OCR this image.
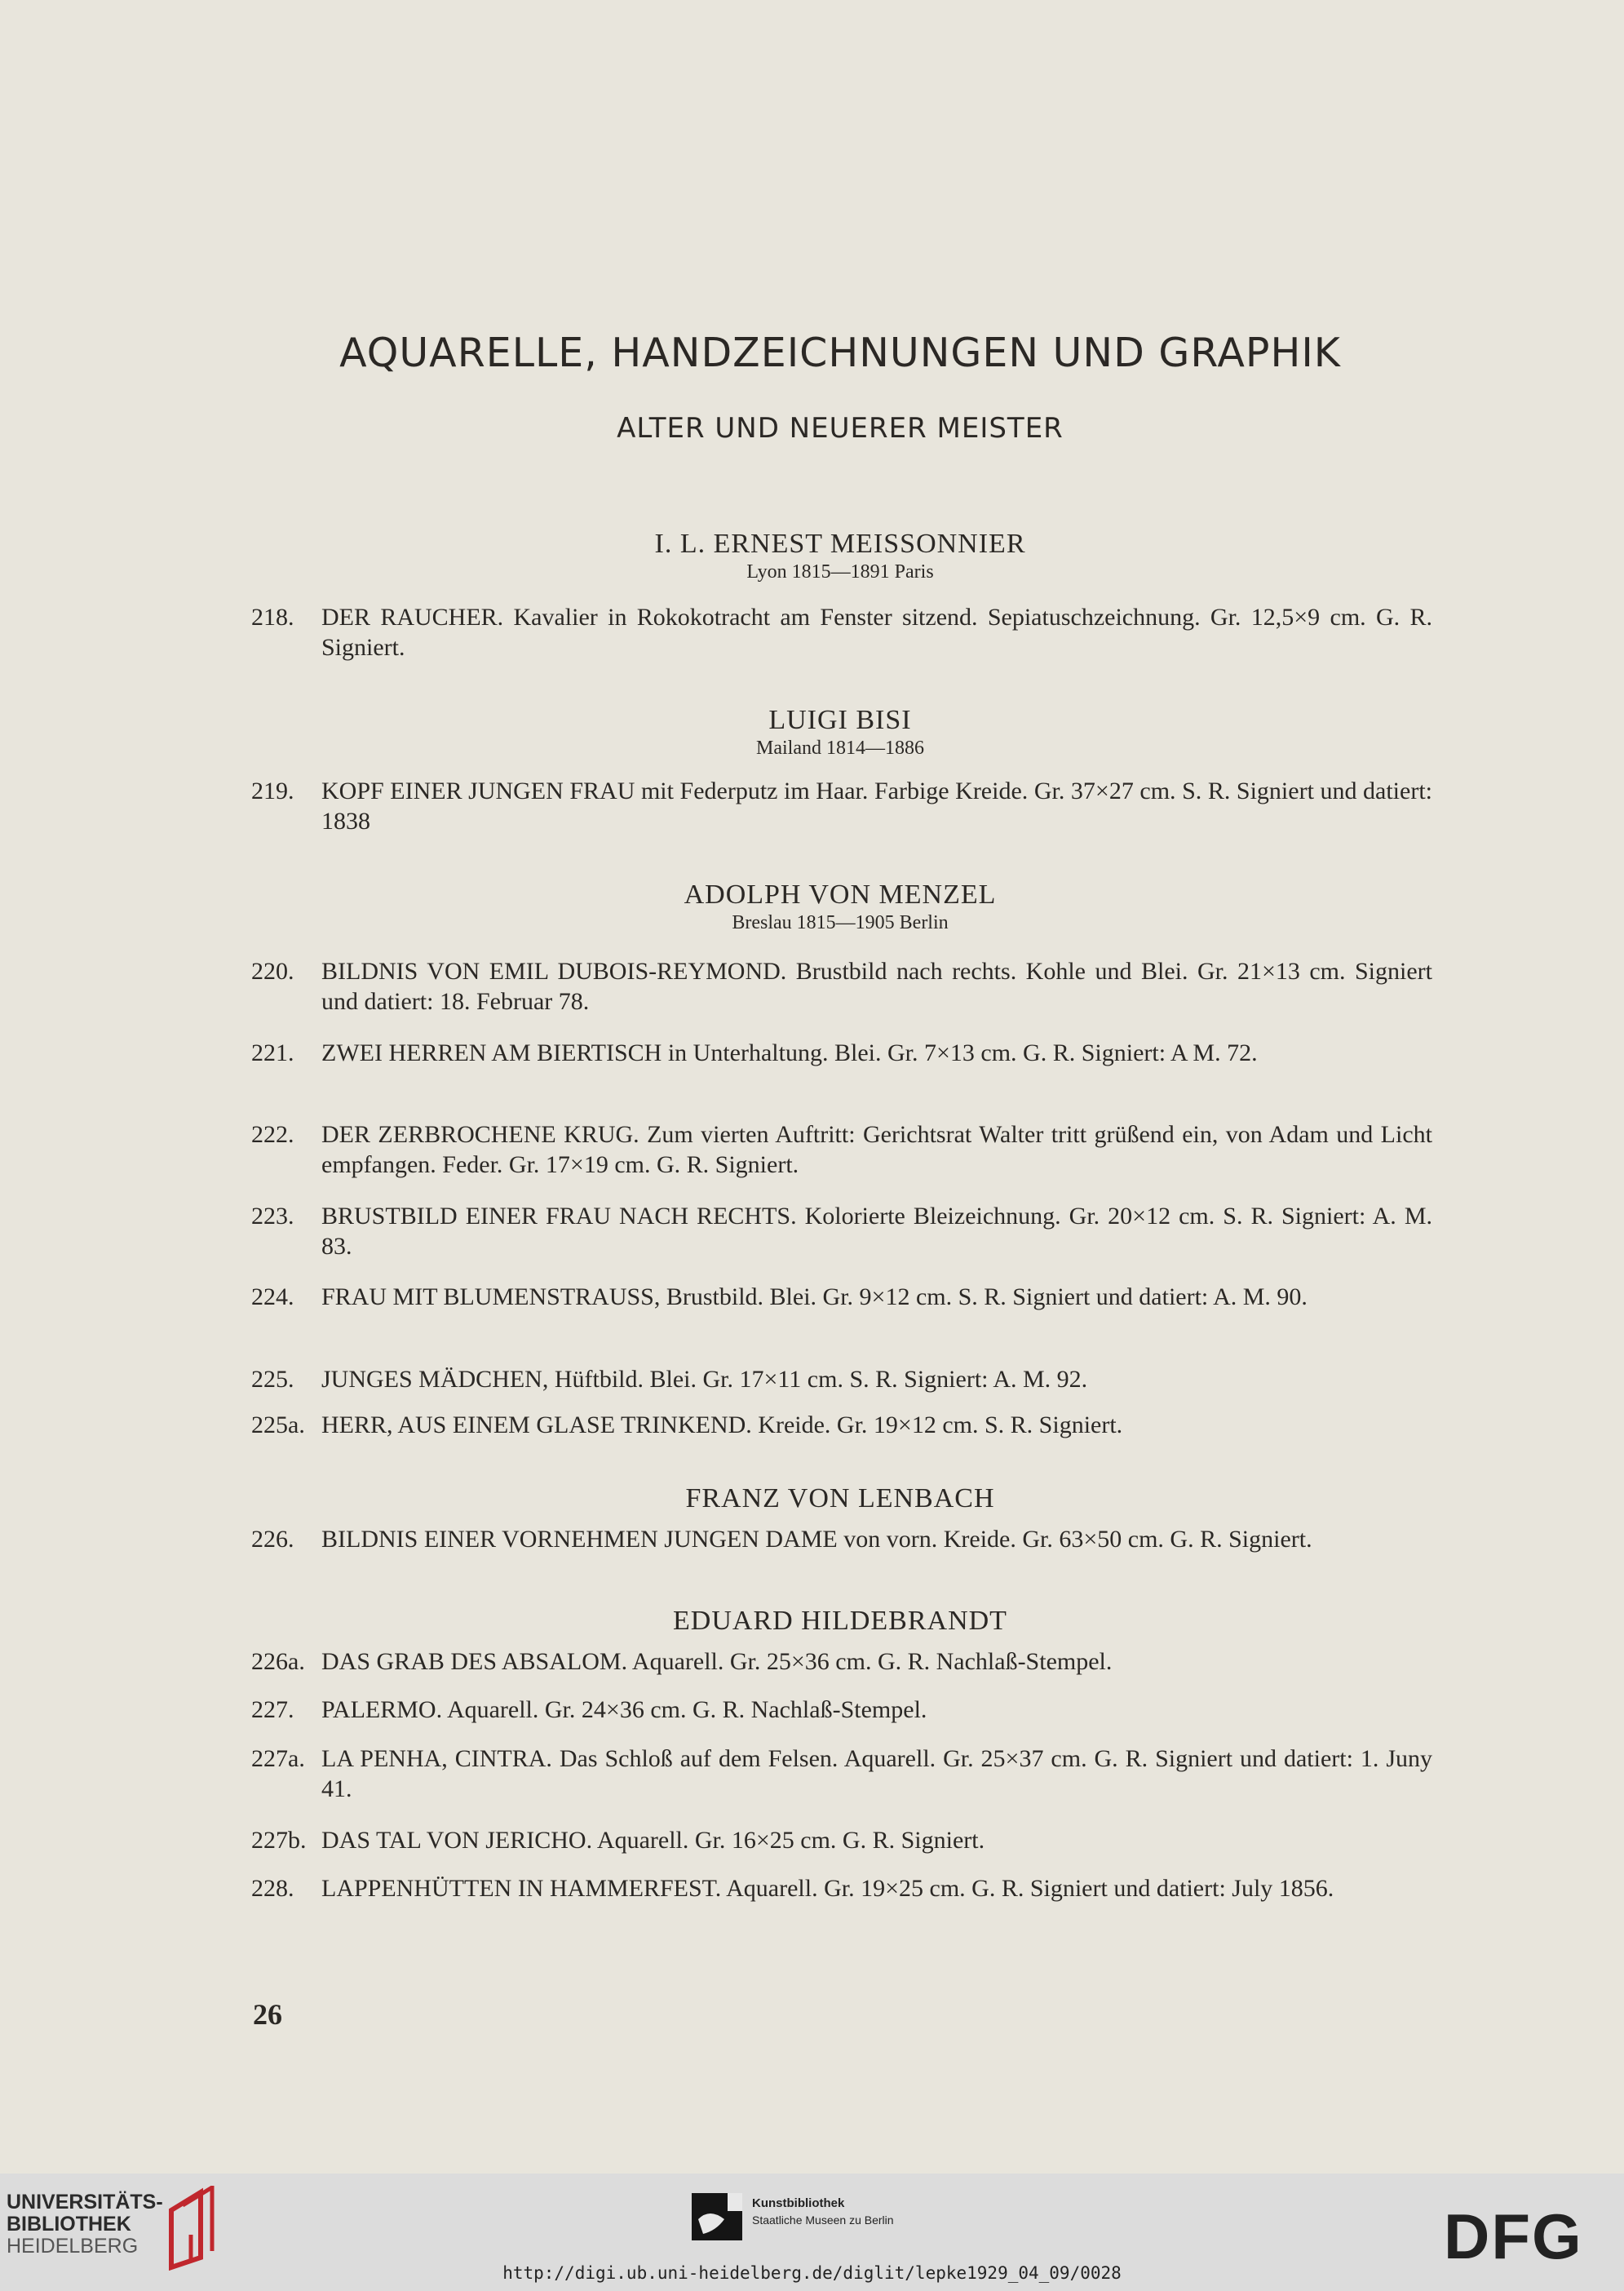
AQUARELLE, HANDZEICHNUNGEN UND GRAPHIK
ALTER UND NEUERER MEISTER
I. L. ERNEST MEISSONNIER
Lyon 1815—1891 Paris
218.	DER RAUCHER. Kavalier in Rokokotracht am Fenster sitzend. Sepiatuschzeichnung. Gr. 12,5×9 cm. G. R. Signiert.
LUIGI BISI
Mailand 1814—1886
219.	KOPF EINER JUNGEN FRAU mit Federputz im Haar. Farbige Kreide. Gr. 37×27 cm. S. R. Signiert und datiert: 1838
ADOLPH VON MENZEL
Breslau 1815—1905 Berlin
220.	BILDNIS VON EMIL DUBOIS-REYMOND. Brustbild nach rechts. Kohle und Blei. Gr. 21×13 cm. Signiert und datiert: 18. Februar 78.
221.	ZWEI HERREN AM BIERTISCH in Unterhaltung. Blei. Gr. 7×13 cm. G. R. Signiert: A M. 72.
222.	DER ZERBROCHENE KRUG. Zum vierten Auftritt: Gerichtsrat Walter tritt grüßend ein, von Adam und Licht empfangen. Feder. Gr. 17×19 cm. G. R. Signiert.
223.	BRUSTBILD EINER FRAU NACH RECHTS. Kolorierte Bleizeichnung. Gr. 20×12 cm. S. R. Signiert: A. M. 83.
224.	FRAU MIT BLUMENSTRAUSS, Brustbild. Blei. Gr. 9×12 cm. S. R. Signiert und datiert: A. M. 90.
225.	JUNGES MÄDCHEN, Hüftbild. Blei. Gr. 17×11 cm. S. R. Signiert: A. M. 92.
225a. HERR, AUS EINEM GLASE TRINKEND. Kreide. Gr. 19×12 cm. S. R. Signiert.
FRANZ VON LENBACH
226.	BILDNIS EINER VORNEHMEN JUNGEN DAME von vorn. Kreide. Gr. 63×50 cm. G. R. Signiert.
EDUARD HILDEBRANDT
226a. DAS GRAB DES ABSALOM. Aquarell. Gr. 25×36 cm. G. R. Nachlaß-Stempel.
227.	PALERMO. Aquarell. Gr. 24×36 cm. G. R. Nachlaß-Stempel.
227a. LA PENHA, CINTRA. Das Schloß auf dem Felsen. Aquarell. Gr. 25×37 cm. G. R. Signiert und datiert: 1. Juny 41.
227b. DAS TAL VON JERICHO. Aquarell. Gr. 16×25 cm. G. R. Signiert.
228.	LAPPENHÜTTEN IN HAMMERFEST. Aquarell. Gr. 19×25 cm. G. R. Signiert und datiert: July 1856.
26
UNIVERSITÄTS-
BIBLIOTHEK
HEIDELBERG
Kunstbibliothek
Staatliche Museen zu Berlin	DFG
http://digi.ub.uni-heidelberg.de/diglit/lepke1929_04_09/0028
